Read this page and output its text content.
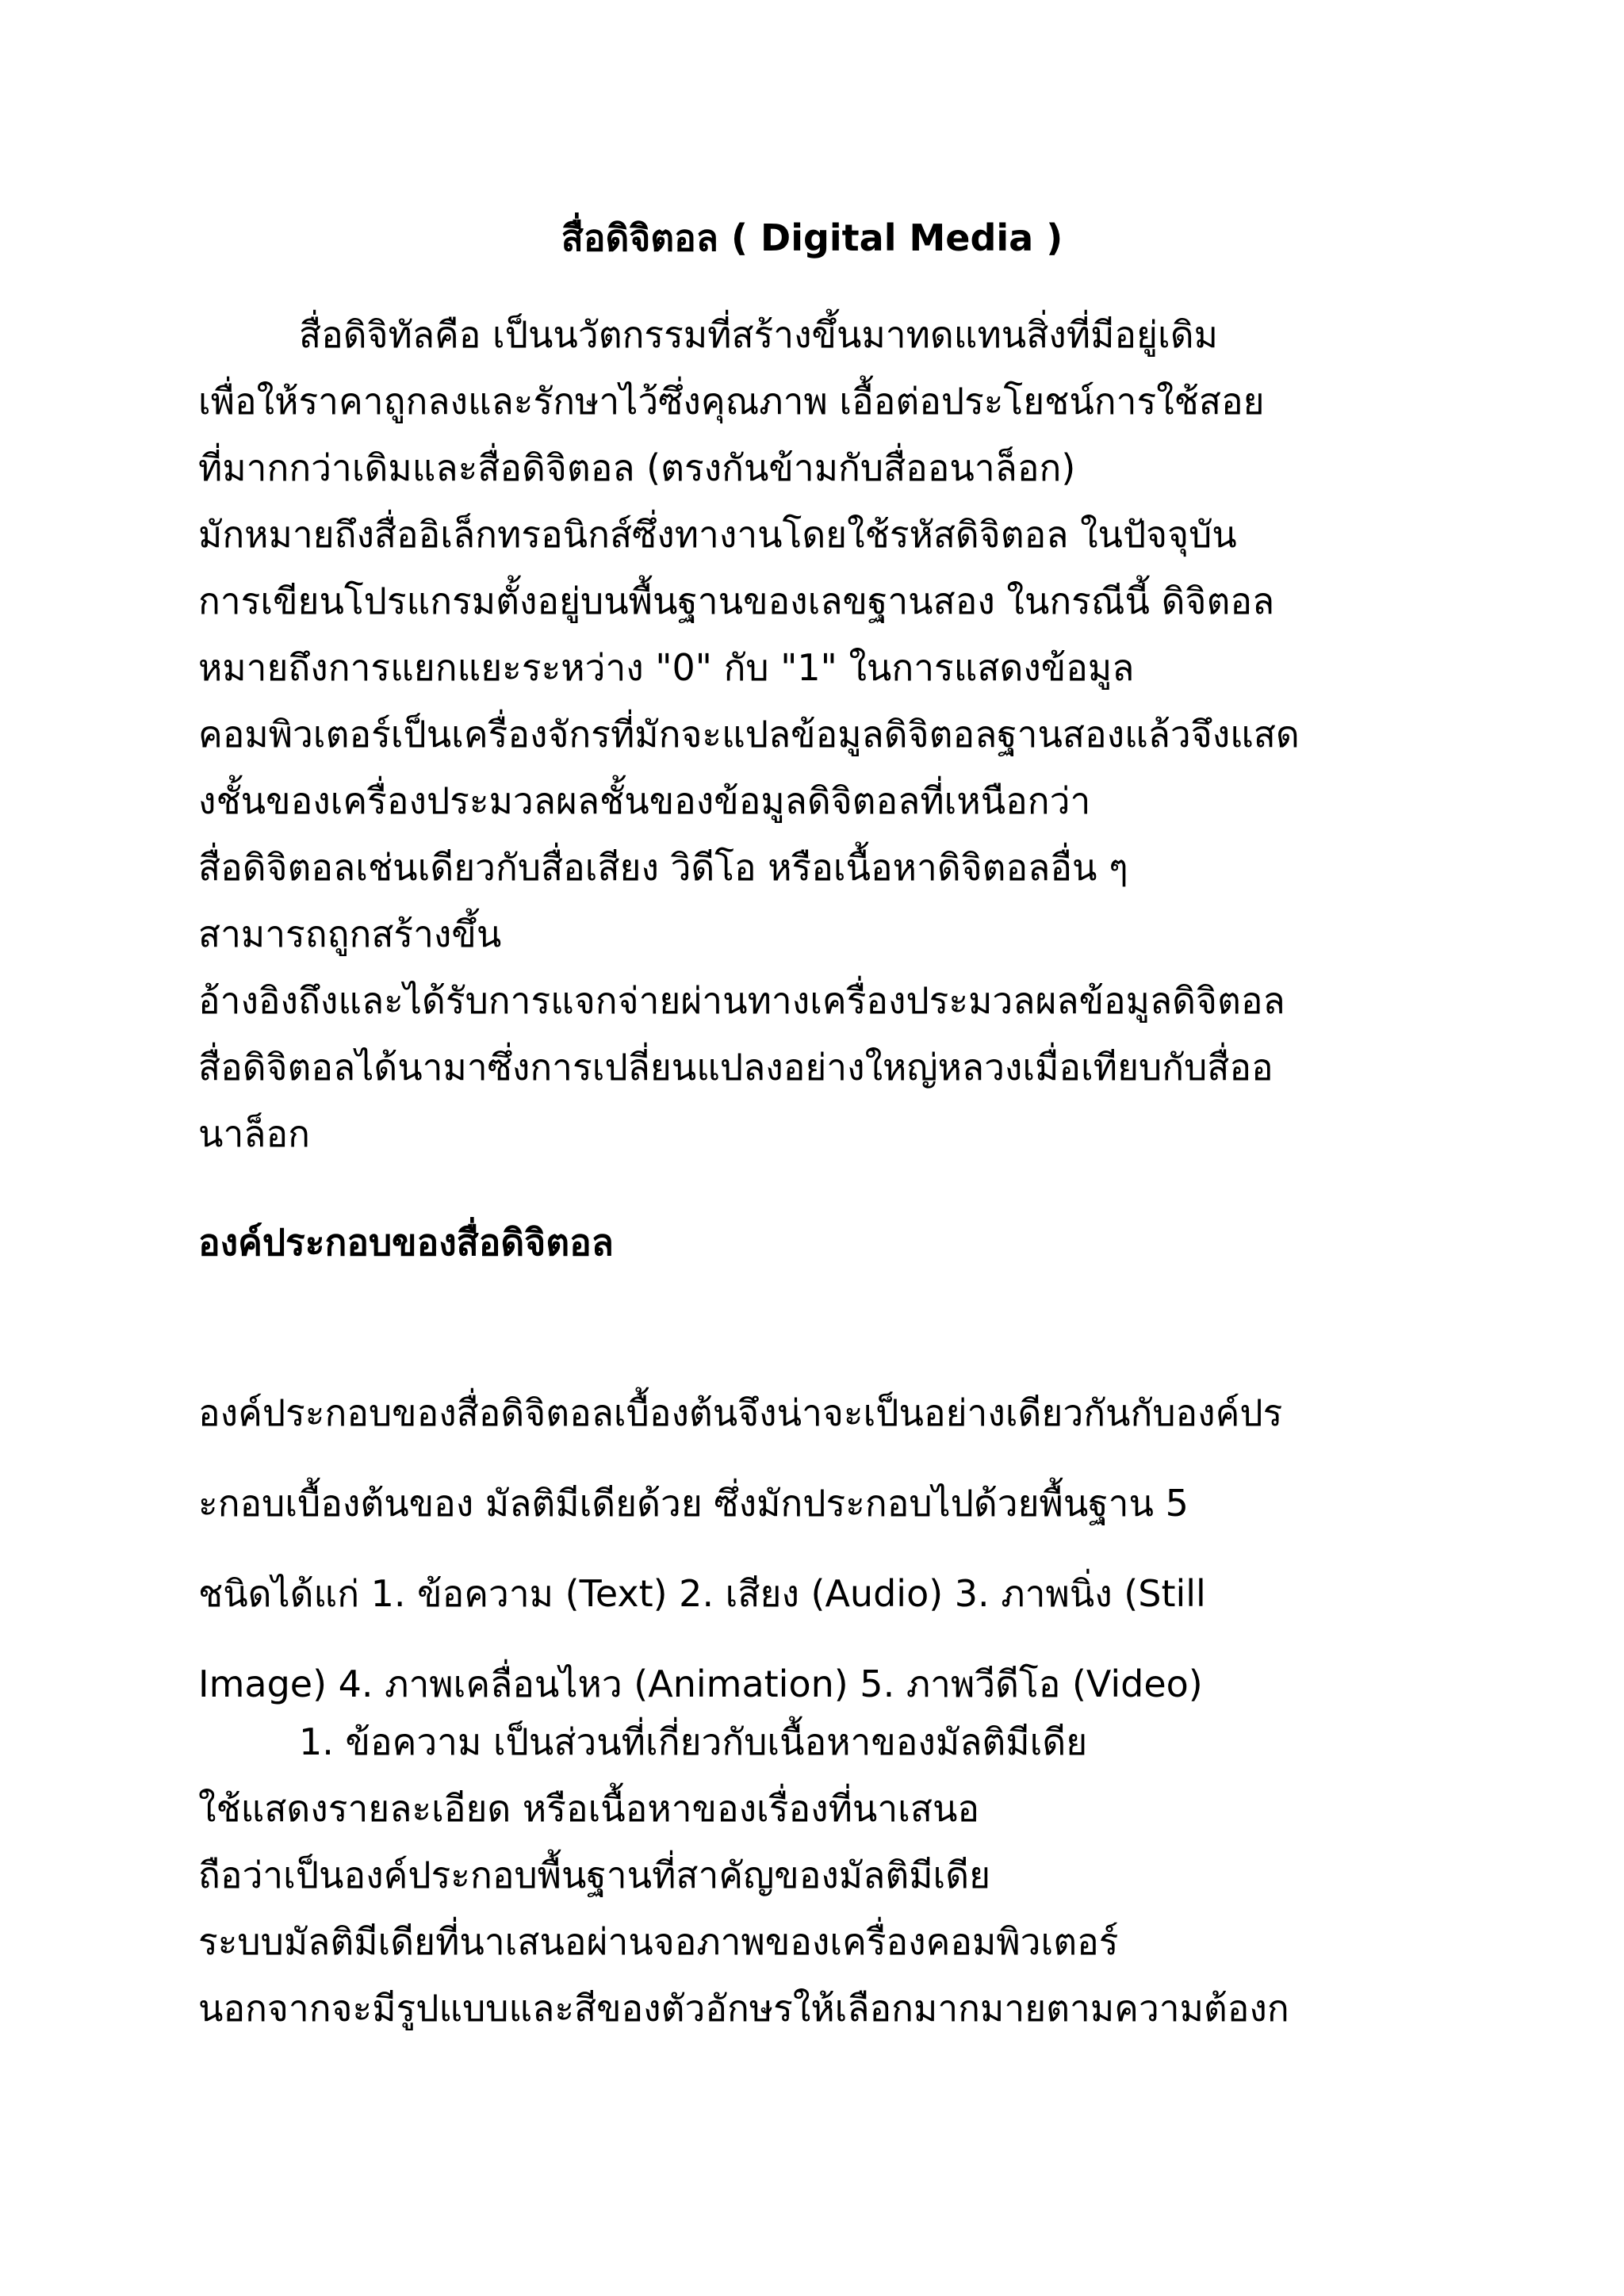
สื่อดิจิตอล ( Digital Media )
สื่อดิจิทัลคือ เป็นนวัตกรรมที่สร้างขึ้นมาทดแทนสิ่งที่มีอยู่เดิม
เพื่อให้ราคาถูกลงและรักษาไว้ซึ่งคุณภาพ เอื้อต่อประโยชน์การใช้สอย
ที่มากกว่าเดิมและสื่อดิจิตอล (ตรงกันข้ามกับสื่ออนาล็อก)
มักหมายถึงสื่ออิเล็กทรอนิกส์ซึ่งทางานโดยใช้รหัสดิจิตอล ในปัจจุบัน
การเขียนโปรแกรมตั้งอยู่บนพื้นฐานของเลขฐานสอง ในกรณีนี้ ดิจิตอล
หมายถึงการแยกแยะระหว่าง "0" กับ "1" ในการแสดงข้อมูล
คอมพิวเตอร์เป็นเครื่องจักรที่มักจะแปลข้อมูลดิจิตอลฐานสองแล้วจึงแสด
งชั้นของเครื่องประมวลผลชั้นของข้อมูลดิจิตอลที่เหนือกว่า
สื่อดิจิตอลเช่นเดียวกับสื่อเสียง วิดีโอ หรือเนื้อหาดิจิตอลอื่น ๆ
สามารถถูกสร้างขึ้น
อ้างอิงถึงและได้รับการแจกจ่ายผ่านทางเครื่องประมวลผลข้อมูลดิจิตอล
สื่อดิจิตอลได้นามาซึ่งการเปลี่ยนแปลงอย่างใหญ่หลวงเมื่อเทียบกับสื่ออ
นาล็อก
องค์ประกอบของสื่อดิจิตอล
องค์ประกอบของสื่อดิจิตอลเบื้องต้นจึงน่าจะเป็นอย่างเดียวกันกับองค์ปร
ะกอบเบื้องต้นของ มัลติมีเดียด้วย ซึ่งมักประกอบไปด้วยพื้นฐาน 5
ชนิดได้แก่ 1. ข้อความ (Text) 2. เสียง (Audio) 3. ภาพนิ่ง (Still
Image) 4. ภาพเคลื่อนไหว (Animation) 5. ภาพวีดีโอ (Video)
1. ข้อความ เป็นส่วนที่เกี่ยวกับเนื้อหาของมัลติมีเดีย
ใช้แสดงรายละเอียด หรือเนื้อหาของเรื่องที่นาเสนอ
ถือว่าเป็นองค์ประกอบพื้นฐานที่สาคัญของมัลติมีเดีย
ระบบมัลติมีเดียที่นาเสนอผ่านจอภาพของเครื่องคอมพิวเตอร์
นอกจากจะมีรูปแบบและสีของตัวอักษรให้เลือกมากมายตามความต้องก
